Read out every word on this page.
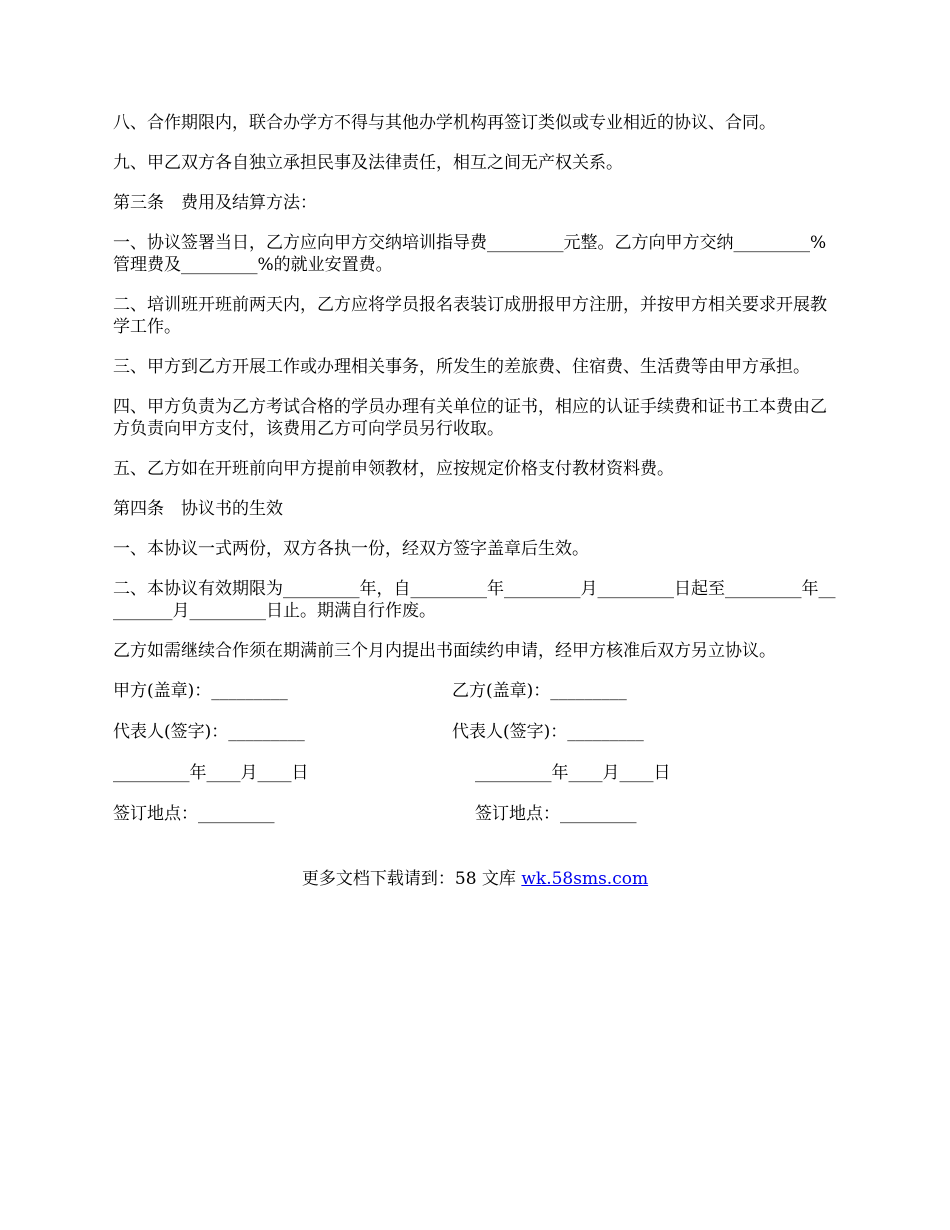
八、合作期限内，联合办学方不得与其他办学机构再签订类似或专业相近的协议、合同。

九、甲乙双方各自独立承担民事及法律责任，相互之间无产权关系。

第三条　费用及结算方法：

一、协议签署当日，乙方应向甲方交纳培训指导费_________元整。乙方向甲方交纳_________%管理费及_________%的就业安置费。

二、培训班开班前两天内，乙方应将学员报名表装订成册报甲方注册，并按甲方相关要求开展教学工作。

三、甲方到乙方开展工作或办理相关事务，所发生的差旅费、住宿费、生活费等由甲方承担。

四、甲方负责为乙方考试合格的学员办理有关单位的证书，相应的认证手续费和证书工本费由乙方负责向甲方支付，该费用乙方可向学员另行收取。

五、乙方如在开班前向甲方提前申领教材，应按规定价格支付教材资料费。

第四条　协议书的生效

一、本协议一式两份，双方各执一份，经双方签字盖章后生效。

二、本协议有效期限为_________年，自_________年_________月_________日起至_________年_________月_________日止。期满自行作废。

乙方如需继续合作须在期满前三个月内提出书面续约申请，经甲方核准后双方另立协议。

甲方(盖章)：_________	乙方(盖章)：_________
代表人(签字)：_________	代表人(签字)：_________
_________年____月____日	_________年____月____日
签订地点：_________	签订地点：_________
更多文档下载请到：58 文库 wk.58sms.com
